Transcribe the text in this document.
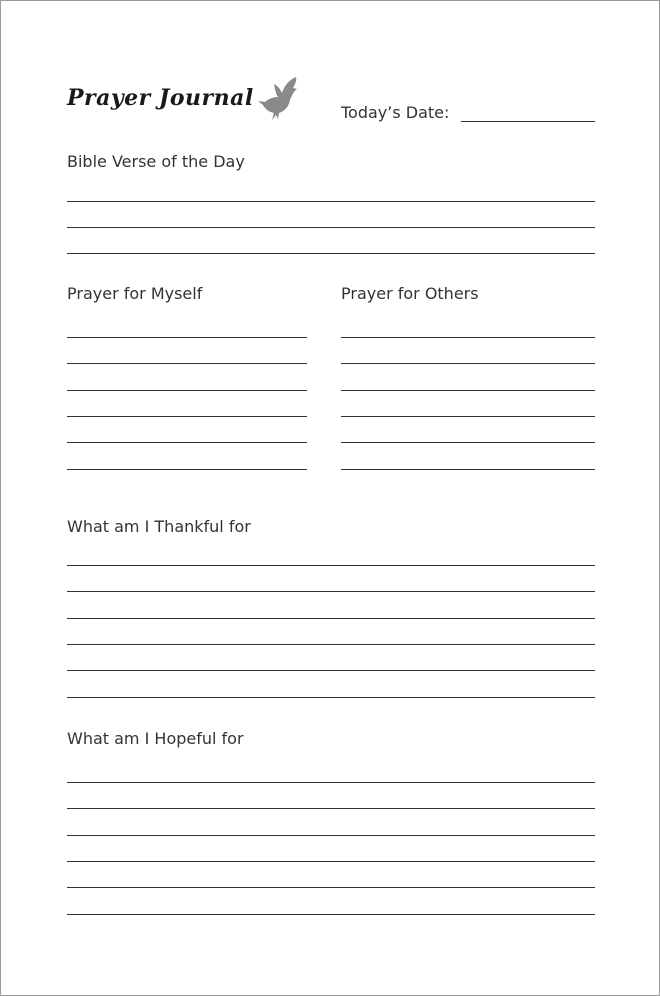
Prayer Journal
Today’s Date:
Bible Verse of the Day
Prayer for Myself	Prayer for Others
What am I Thankful for
What am I Hopeful for
